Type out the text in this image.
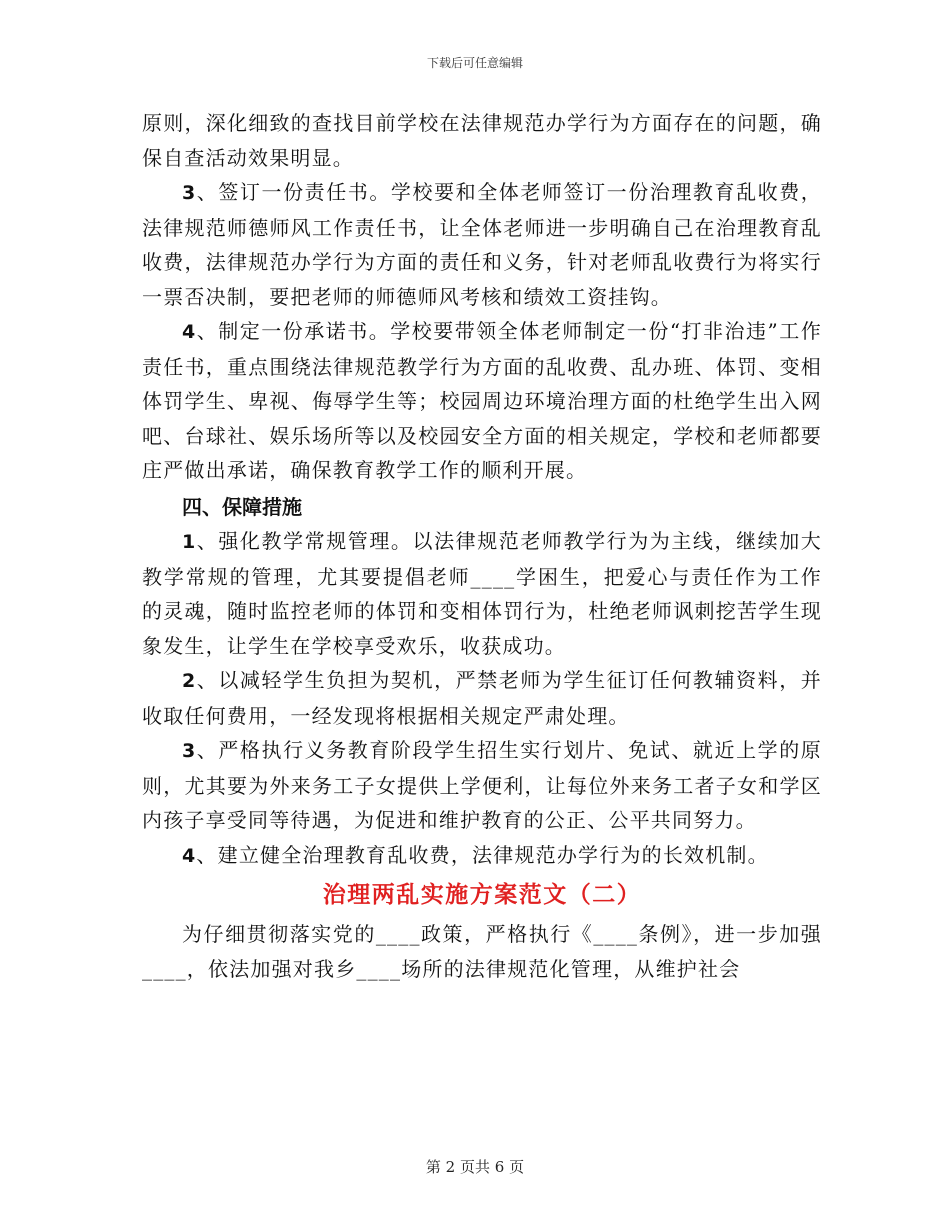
下载后可任意编辑

原则，深化细致的查找目前学校在法律规范办学行为方面存在的问题，确保自查活动效果明显。

3、签订一份责任书。学校要和全体老师签订一份治理教育乱收费，法律规范师德师风工作责任书，让全体老师进一步明确自己在治理教育乱收费，法律规范办学行为方面的责任和义务，针对老师乱收费行为将实行一票否决制，要把老师的师德师风考核和绩效工资挂钩。

4、制定一份承诺书。学校要带领全体老师制定一份“打非治违”工作责任书，重点围绕法律规范教学行为方面的乱收费、乱办班、体罚、变相体罚学生、卑视、侮辱学生等；校园周边环境治理方面的杜绝学生出入网吧、台球社、娱乐场所等以及校园安全方面的相关规定，学校和老师都要庄严做出承诺，确保教育教学工作的顺利开展。

四、保障措施

1、强化教学常规管理。以法律规范老师教学行为为主线，继续加大教学常规的管理，尤其要提倡老师____学困生，把爱心与责任作为工作的灵魂，随时监控老师的体罚和变相体罚行为，杜绝老师讽刺挖苦学生现象发生，让学生在学校享受欢乐，收获成功。

2、以减轻学生负担为契机，严禁老师为学生征订任何教辅资料，并收取任何费用，一经发现将根据相关规定严肃处理。

3、严格执行义务教育阶段学生招生实行划片、免试、就近上学的原则，尤其要为外来务工子女提供上学便利，让每位外来务工者子女和学区内孩子享受同等待遇，为促进和维护教育的公正、公平共同努力。

4、建立健全治理教育乱收费，法律规范办学行为的长效机制。

治理两乱实施方案范文（二）

为仔细贯彻落实党的____政策，严格执行《____条例》，进一步加强____，依法加强对我乡____场所的法律规范化管理，从维护社会

第 2 页共 6 页
